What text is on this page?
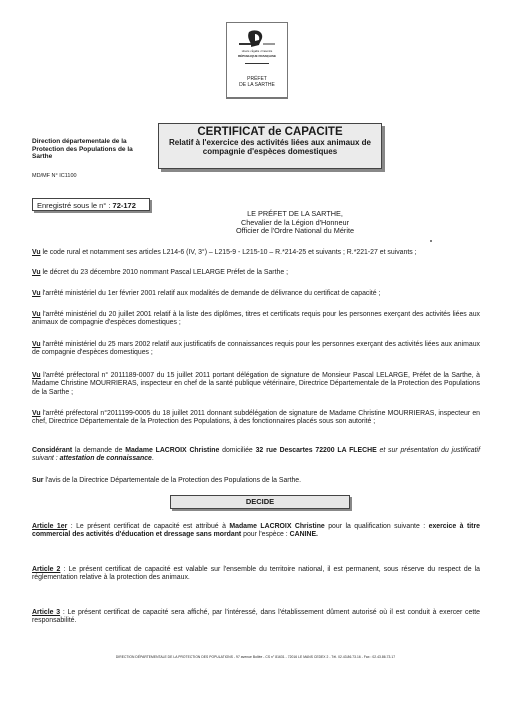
Liberté • Égalité • Fraternité
RÉPUBLIQUE FRANÇAISE
PRÉFET
DE LA SARTHE
Direction départementale de la Protection des Populations de la Sarthe
MD/MF N° IC1100
CERTIFICAT de CAPACITE
Relatif à l'exercice des activités liées aux animaux de
compagnie d'espèces domestiques
Enregistré sous le n° : 72-172
LE PRÉFET DE LA SARTHE,
Chevalier de la Légion d'Honneur
Officier de l'Ordre National du Mérite
Vu le code rural et notamment ses articles L214-6 (IV, 3°) – L215-9 - L215-10 – R.*214-25 et suivants ; R.*221-27 et suivants ;
Vu le décret du 23 décembre 2010 nommant Pascal LELARGE Préfet de la Sarthe ;
Vu l'arrêté ministériel du 1er février 2001 relatif aux modalités de demande de délivrance du certificat de capacité ;
Vu l'arrêté ministériel du 20 juillet 2001 relatif à la liste des diplômes, titres et certificats requis pour les personnes exerçant des activités liées aux animaux de compagnie d'espèces domestiques ;
Vu l'arrêté ministériel du 25 mars 2002 relatif aux justificatifs de connaissances requis pour les personnes exerçant des activités liées aux animaux de compagnie d'espèces domestiques ;
Vu l'arrêté préfectoral n° 2011189-0007 du 15 juillet 2011 portant délégation de signature de Monsieur Pascal LELARGE, Préfet de la Sarthe, à Madame Christine MOURRIERAS, inspecteur en chef de la santé publique vétérinaire, Directrice Départementale de la Protection des Populations de la Sarthe ;
Vu l'arrêté préfectoral n°2011199-0005 du 18 juillet 2011 donnant subdélégation de signature de Madame Christine MOURRIERAS, inspecteur en chef, Directrice Départementale de la Protection des Populations, à des fonctionnaires placés sous son autorité ;
Considérant la demande de Madame LACROIX Christine domiciliée 32 rue Descartes 72200 LA FLECHE et sur présentation du justificatif suivant : attestation de connaissance.
Sur l'avis de la Directrice Départementale de la Protection des Populations de la Sarthe.
DECIDE
Article 1er : Le présent certificat de capacité est attribué à Madame LACROIX Christine pour la qualification suivante : exercice à titre commercial des activités d'éducation et dressage sans mordant pour l'espèce : CANINE.
Article 2 : Le présent certificat de capacité est valable sur l'ensemble du territoire national, il est permanent, sous réserve du respect de la réglementation relative à la protection des animaux.
Article 3 : Le présent certificat de capacité sera affiché, par l'intéressé, dans l'établissement dûment autorisé où il est conduit à exercer cette responsabilité.
DIRECTION DÉPARTEMENTALE DE LA PROTECTION DES POPULATIONS - 97 avenue Bollée - CS n° 81631 - 72016 LE MANS CEDEX 2 - Tél. 02.43.86.73.16 - Fax : 02.43.86.73.17
